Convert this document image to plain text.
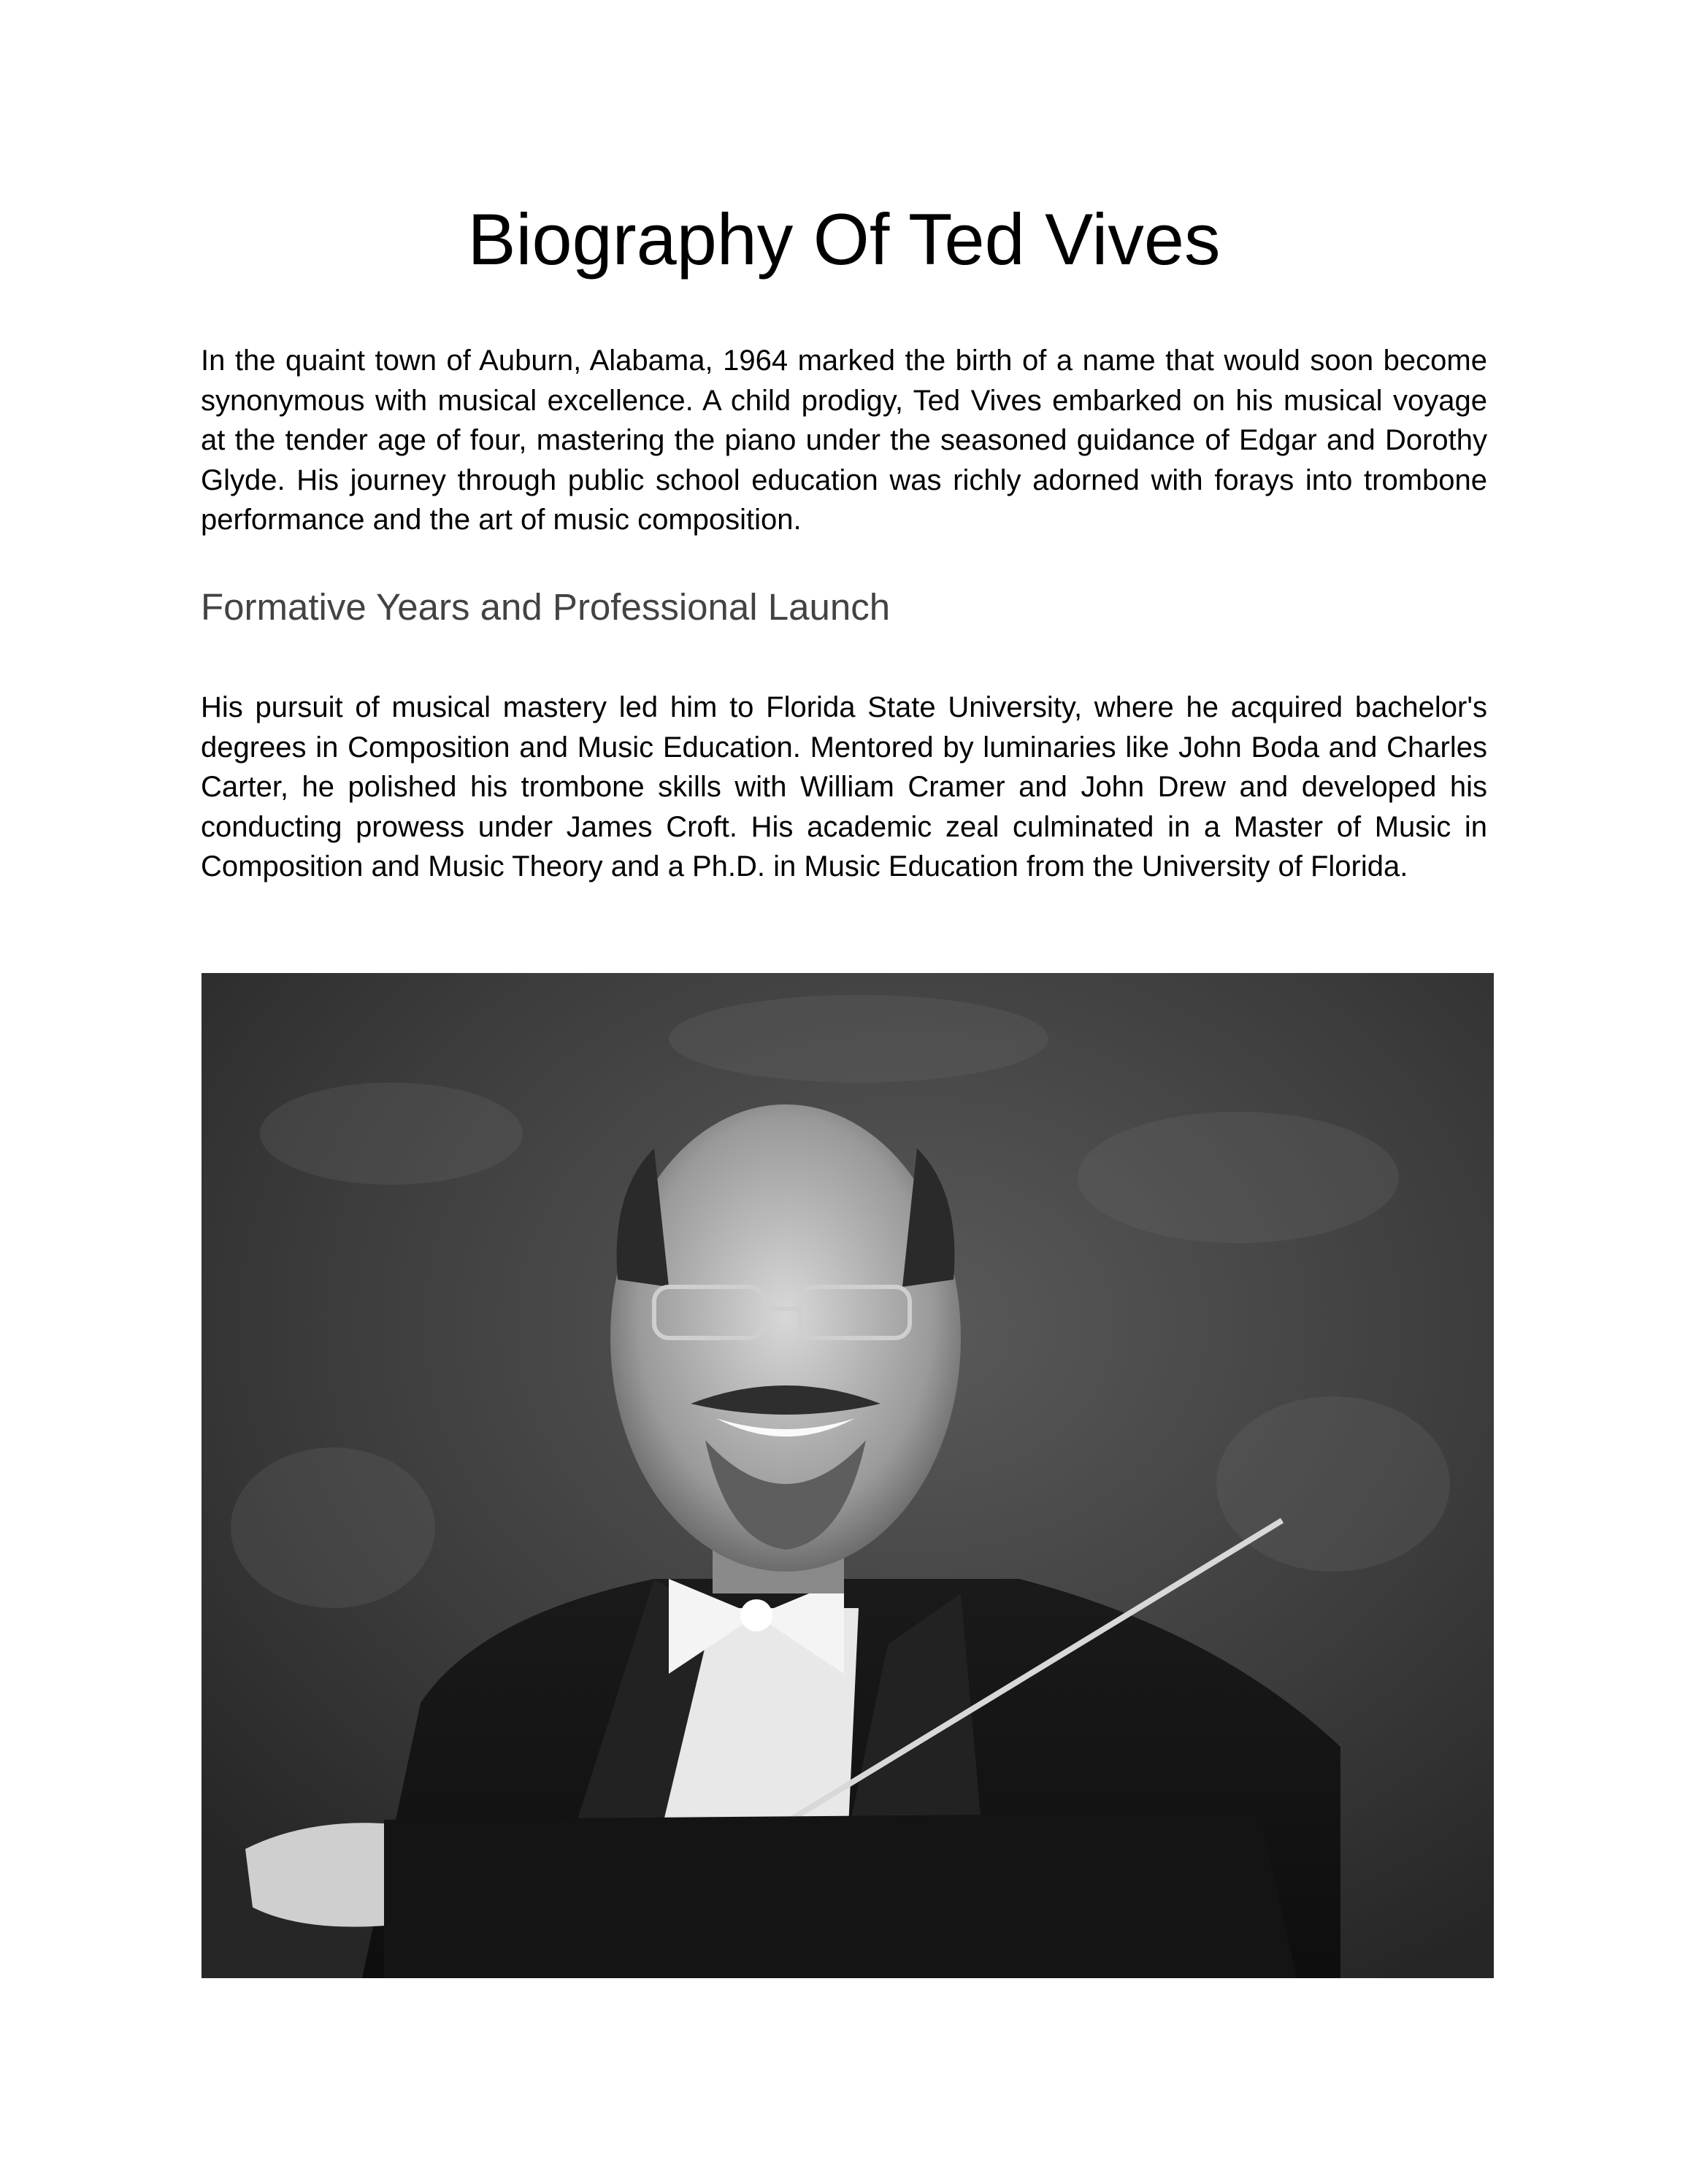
Biography Of Ted Vives

In the quaint town of Auburn, Alabama, 1964 marked the birth of a name that would soon become synonymous with musical excellence. A child prodigy, Ted Vives embarked on his musical voyage at the tender age of four, mastering the piano under the seasoned guidance of Edgar and Dorothy Glyde. His journey through public school education was richly adorned with forays into trombone performance and the art of music composition.

Formative Years and Professional Launch

His pursuit of musical mastery led him to Florida State University, where he acquired bachelor's degrees in Composition and Music Education. Mentored by luminaries like John Boda and Charles Carter, he polished his trombone skills with William Cramer and John Drew and developed his conducting prowess under James Croft. His academic zeal culminated in a Master of Music in Composition and Music Theory and a Ph.D. in Music Education from the University of Florida.
